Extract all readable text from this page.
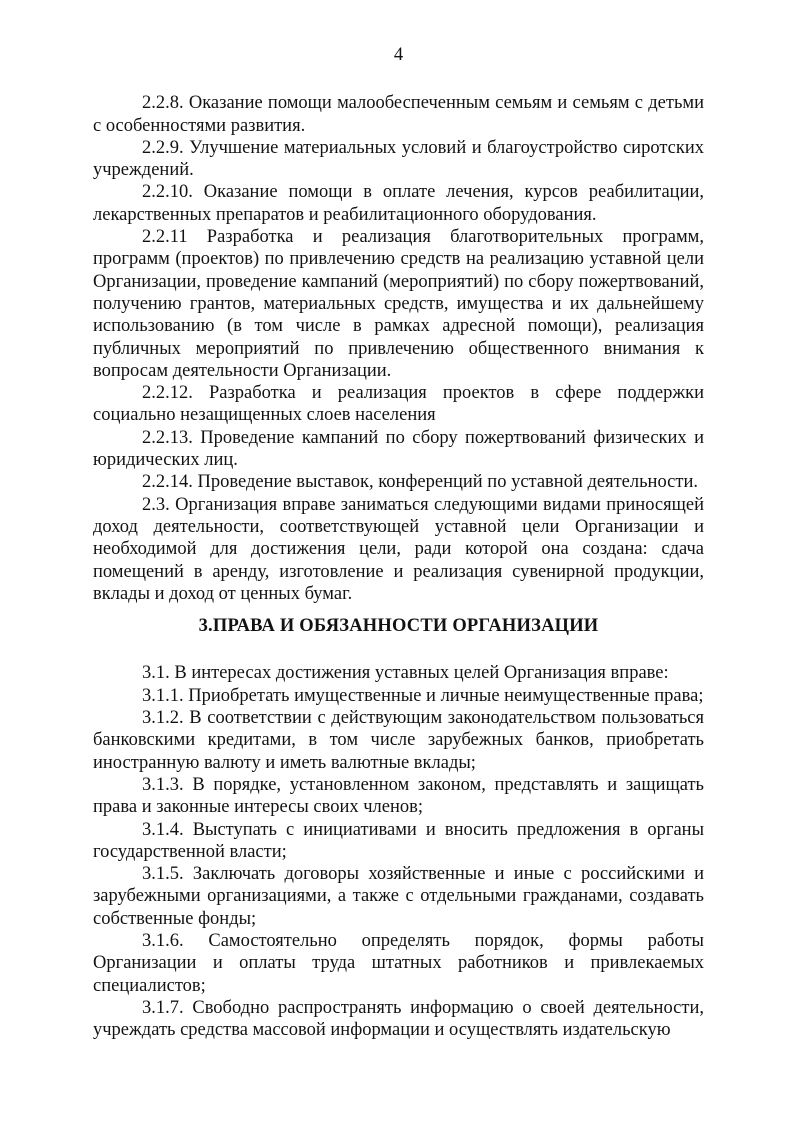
4

2.2.8. Оказание помощи малообеспеченным семьям и семьям с детьми с особенностями развития.

2.2.9. Улучшение материальных условий и благоустройство сиротских учреждений.

2.2.10. Оказание помощи в оплате лечения, курсов реабилитации, лекарственных препаратов и реабилитационного оборудования.

2.2.11 Разработка и реализация благотворительных программ, программ (проектов) по привлечению средств на реализацию уставной цели Организации, проведение кампаний (мероприятий) по сбору пожертвований, получению грантов, материальных средств, имущества и их дальнейшему использованию (в том числе в рамках адресной помощи), реализация публичных мероприятий по привлечению общественного внимания к вопросам деятельности Организации.

2.2.12. Разработка и реализация проектов в сфере поддержки социально незащищенных слоев населения

2.2.13. Проведение кампаний по сбору пожертвований физических и юридических лиц.

2.2.14. Проведение выставок, конференций по уставной деятельности.

2.3. Организация вправе заниматься следующими видами приносящей доход деятельности, соответствующей уставной цели Организации и необходимой для достижения цели, ради которой она создана: сдача помещений в аренду, изготовление и реализация сувенирной продукции, вклады и доход от ценных бумаг.

3.ПРАВА И ОБЯЗАННОСТИ ОРГАНИЗАЦИИ

3.1. В интересах достижения уставных целей Организация вправе:

3.1.1. Приобретать имущественные и личные неимущественные права;

3.1.2. В соответствии с действующим законодательством пользоваться банковскими кредитами, в том числе зарубежных банков, приобретать иностранную валюту и иметь валютные вклады;

3.1.3. В порядке, установленном законом, представлять и защищать права и законные интересы своих членов;

3.1.4. Выступать с инициативами и вносить предложения в органы государственной власти;

3.1.5. Заключать договоры хозяйственные и иные с российскими и зарубежными организациями, а также с отдельными гражданами, создавать собственные фонды;

3.1.6. Самостоятельно определять порядок, формы работы Организации и оплаты труда штатных работников и привлекаемых специалистов;

3.1.7. Свободно распространять информацию о своей деятельности, учреждать средства массовой информации и осуществлять издательскую
